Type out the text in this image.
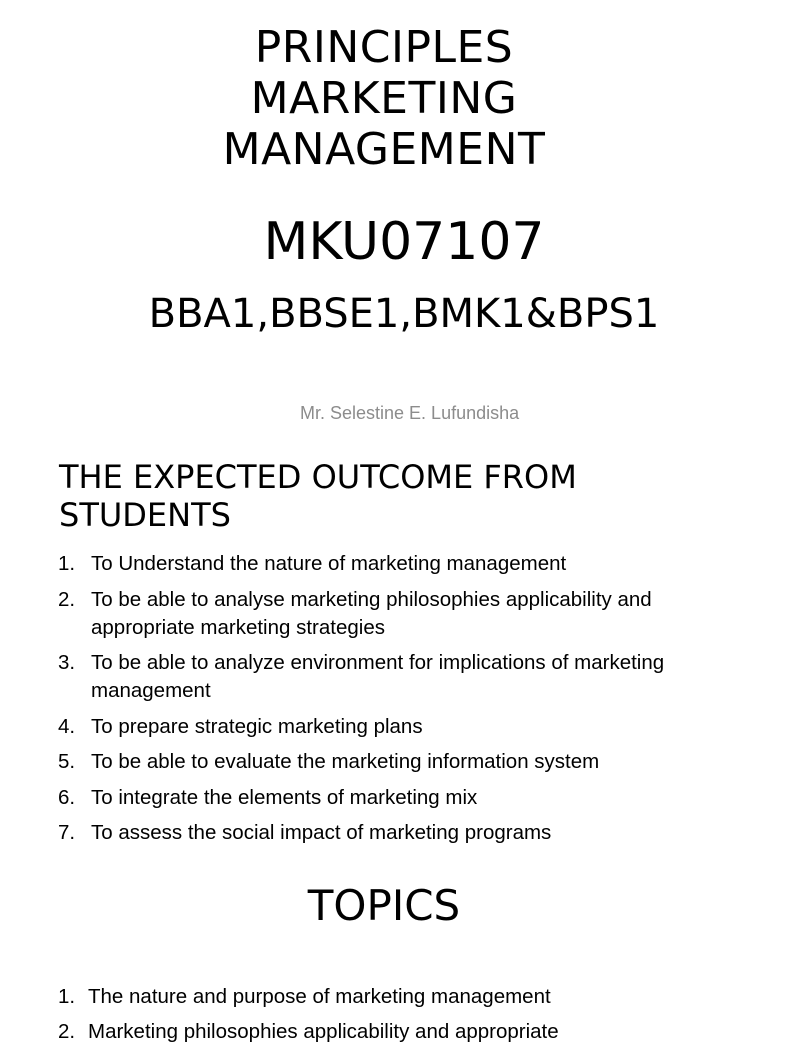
PRINCIPLES
MARKETING
MANAGEMENT
MKU07107
BBA1,BBSE1,BMK1&BPS1
Mr. Selestine E. Lufundisha
THE EXPECTED OUTCOME FROM STUDENTS
1. To Understand the nature of marketing management
2. To be able to analyse marketing philosophies applicability and appropriate marketing strategies
3. To be able to analyze environment for implications of marketing management
4. To prepare strategic marketing plans
5. To be able to evaluate the marketing information system
6. To integrate the elements of marketing mix
7. To assess the social impact of marketing programs
TOPICS
1. The nature and purpose of marketing management
2. Marketing philosophies applicability and appropriate
